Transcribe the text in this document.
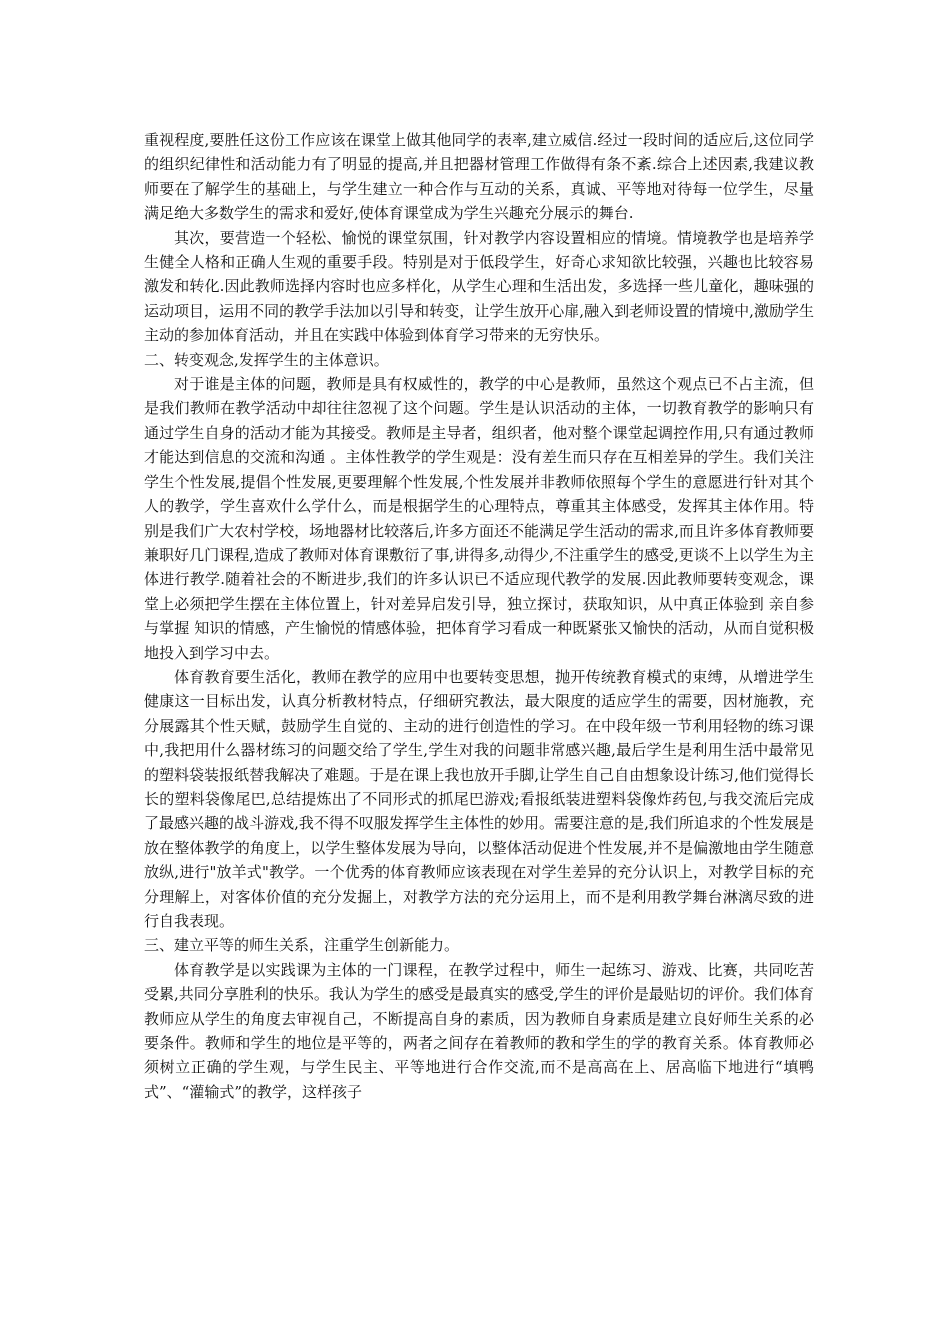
重视程度,要胜任这份工作应该在课堂上做其他同学的表率,建立威信.经过一段时间的适应后,这位同学的组织纪律性和活动能力有了明显的提高,并且把器材管理工作做得有条不紊.综合上述因素,我建议教师要在了解学生的基础上，与学生建立一种合作与互动的关系，真诚、平等地对待每一位学生，尽量满足绝大多数学生的需求和爱好,使体育课堂成为学生兴趣充分展示的舞台.

其次，要营造一个轻松、愉悦的课堂氛围，针对教学内容设置相应的情境。情境教学也是培养学生健全人格和正确人生观的重要手段。特别是对于低段学生，好奇心求知欲比较强，兴趣也比较容易激发和转化.因此教师选择内容时也应多样化，从学生心理和生活出发，多选择一些儿童化，趣味强的运动项目，运用不同的教学手法加以引导和转变，让学生放开心扉,融入到老师设置的情境中,激励学生主动的参加体育活动，并且在实践中体验到体育学习带来的无穷快乐。

二、转变观念,发挥学生的主体意识。

对于谁是主体的问题，教师是具有权威性的，教学的中心是教师，虽然这个观点已不占主流，但是我们教师在教学活动中却往往忽视了这个问题。学生是认识活动的主体，一切教育教学的影响只有通过学生自身的活动才能为其接受。教师是主导者，组织者，他对整个课堂起调控作用,只有通过教师才能达到信息的交流和沟通 。主体性教学的学生观是：没有差生而只存在互相差异的学生。我们关注学生个性发展,提倡个性发展,更要理解个性发展,个性发展并非教师依照每个学生的意愿进行针对其个人的教学，学生喜欢什么学什么，而是根据学生的心理特点，尊重其主体感受，发挥其主体作用。特别是我们广大农村学校，场地器材比较落后,许多方面还不能满足学生活动的需求,而且许多体育教师要兼职好几门课程,造成了教师对体育课敷衍了事,讲得多,动得少,不注重学生的感受,更谈不上以学生为主体进行教学.随着社会的不断进步,我们的许多认识已不适应现代教学的发展.因此教师要转变观念，课堂上必须把学生摆在主体位置上，针对差异启发引导，独立探讨，获取知识，从中真正体验到 亲自参与掌握 知识的情感，产生愉悦的情感体验，把体育学习看成一种既紧张又愉快的活动，从而自觉积极地投入到学习中去。

体育教育要生活化，教师在教学的应用中也要转变思想，抛开传统教育模式的束缚，从增进学生健康这一目标出发，认真分析教材特点，仔细研究教法，最大限度的适应学生的需要，因材施教，充分展露其个性天赋，鼓励学生自觉的、主动的进行创造性的学习。在中段年级一节利用轻物的练习课中,我把用什么器材练习的问题交给了学生,学生对我的问题非常感兴趣,最后学生是利用生活中最常见的塑料袋装报纸替我解决了难题。于是在课上我也放开手脚,让学生自己自由想象设计练习,他们觉得长长的塑料袋像尾巴,总结提炼出了不同形式的抓尾巴游戏;看报纸装进塑料袋像炸药包,与我交流后完成了最感兴趣的战斗游戏,我不得不叹服发挥学生主体性的妙用。需要注意的是,我们所追求的个性发展是放在整体教学的角度上，以学生整体发展为导向，以整体活动促进个性发展,并不是偏激地由学生随意放纵,进行"放羊式"教学。一个优秀的体育教师应该表现在对学生差异的充分认识上，对教学目标的充分理解上，对客体价值的充分发掘上，对教学方法的充分运用上，而不是利用教学舞台淋漓尽致的进行自我表现。

三、建立平等的师生关系，注重学生创新能力。

体育教学是以实践课为主体的一门课程，在教学过程中，师生一起练习、游戏、比赛，共同吃苦受累,共同分享胜利的快乐。我认为学生的感受是最真实的感受,学生的评价是最贴切的评价。我们体育教师应从学生的角度去审视自己，不断提高自身的素质，因为教师自身素质是建立良好师生关系的必要条件。教师和学生的地位是平等的，两者之间存在着教师的教和学生的学的教育关系。体育教师必须树立正确的学生观，与学生民主、平等地进行合作交流,而不是高高在上、居高临下地进行“填鸭式”、“灌输式”的教学，这样孩子
